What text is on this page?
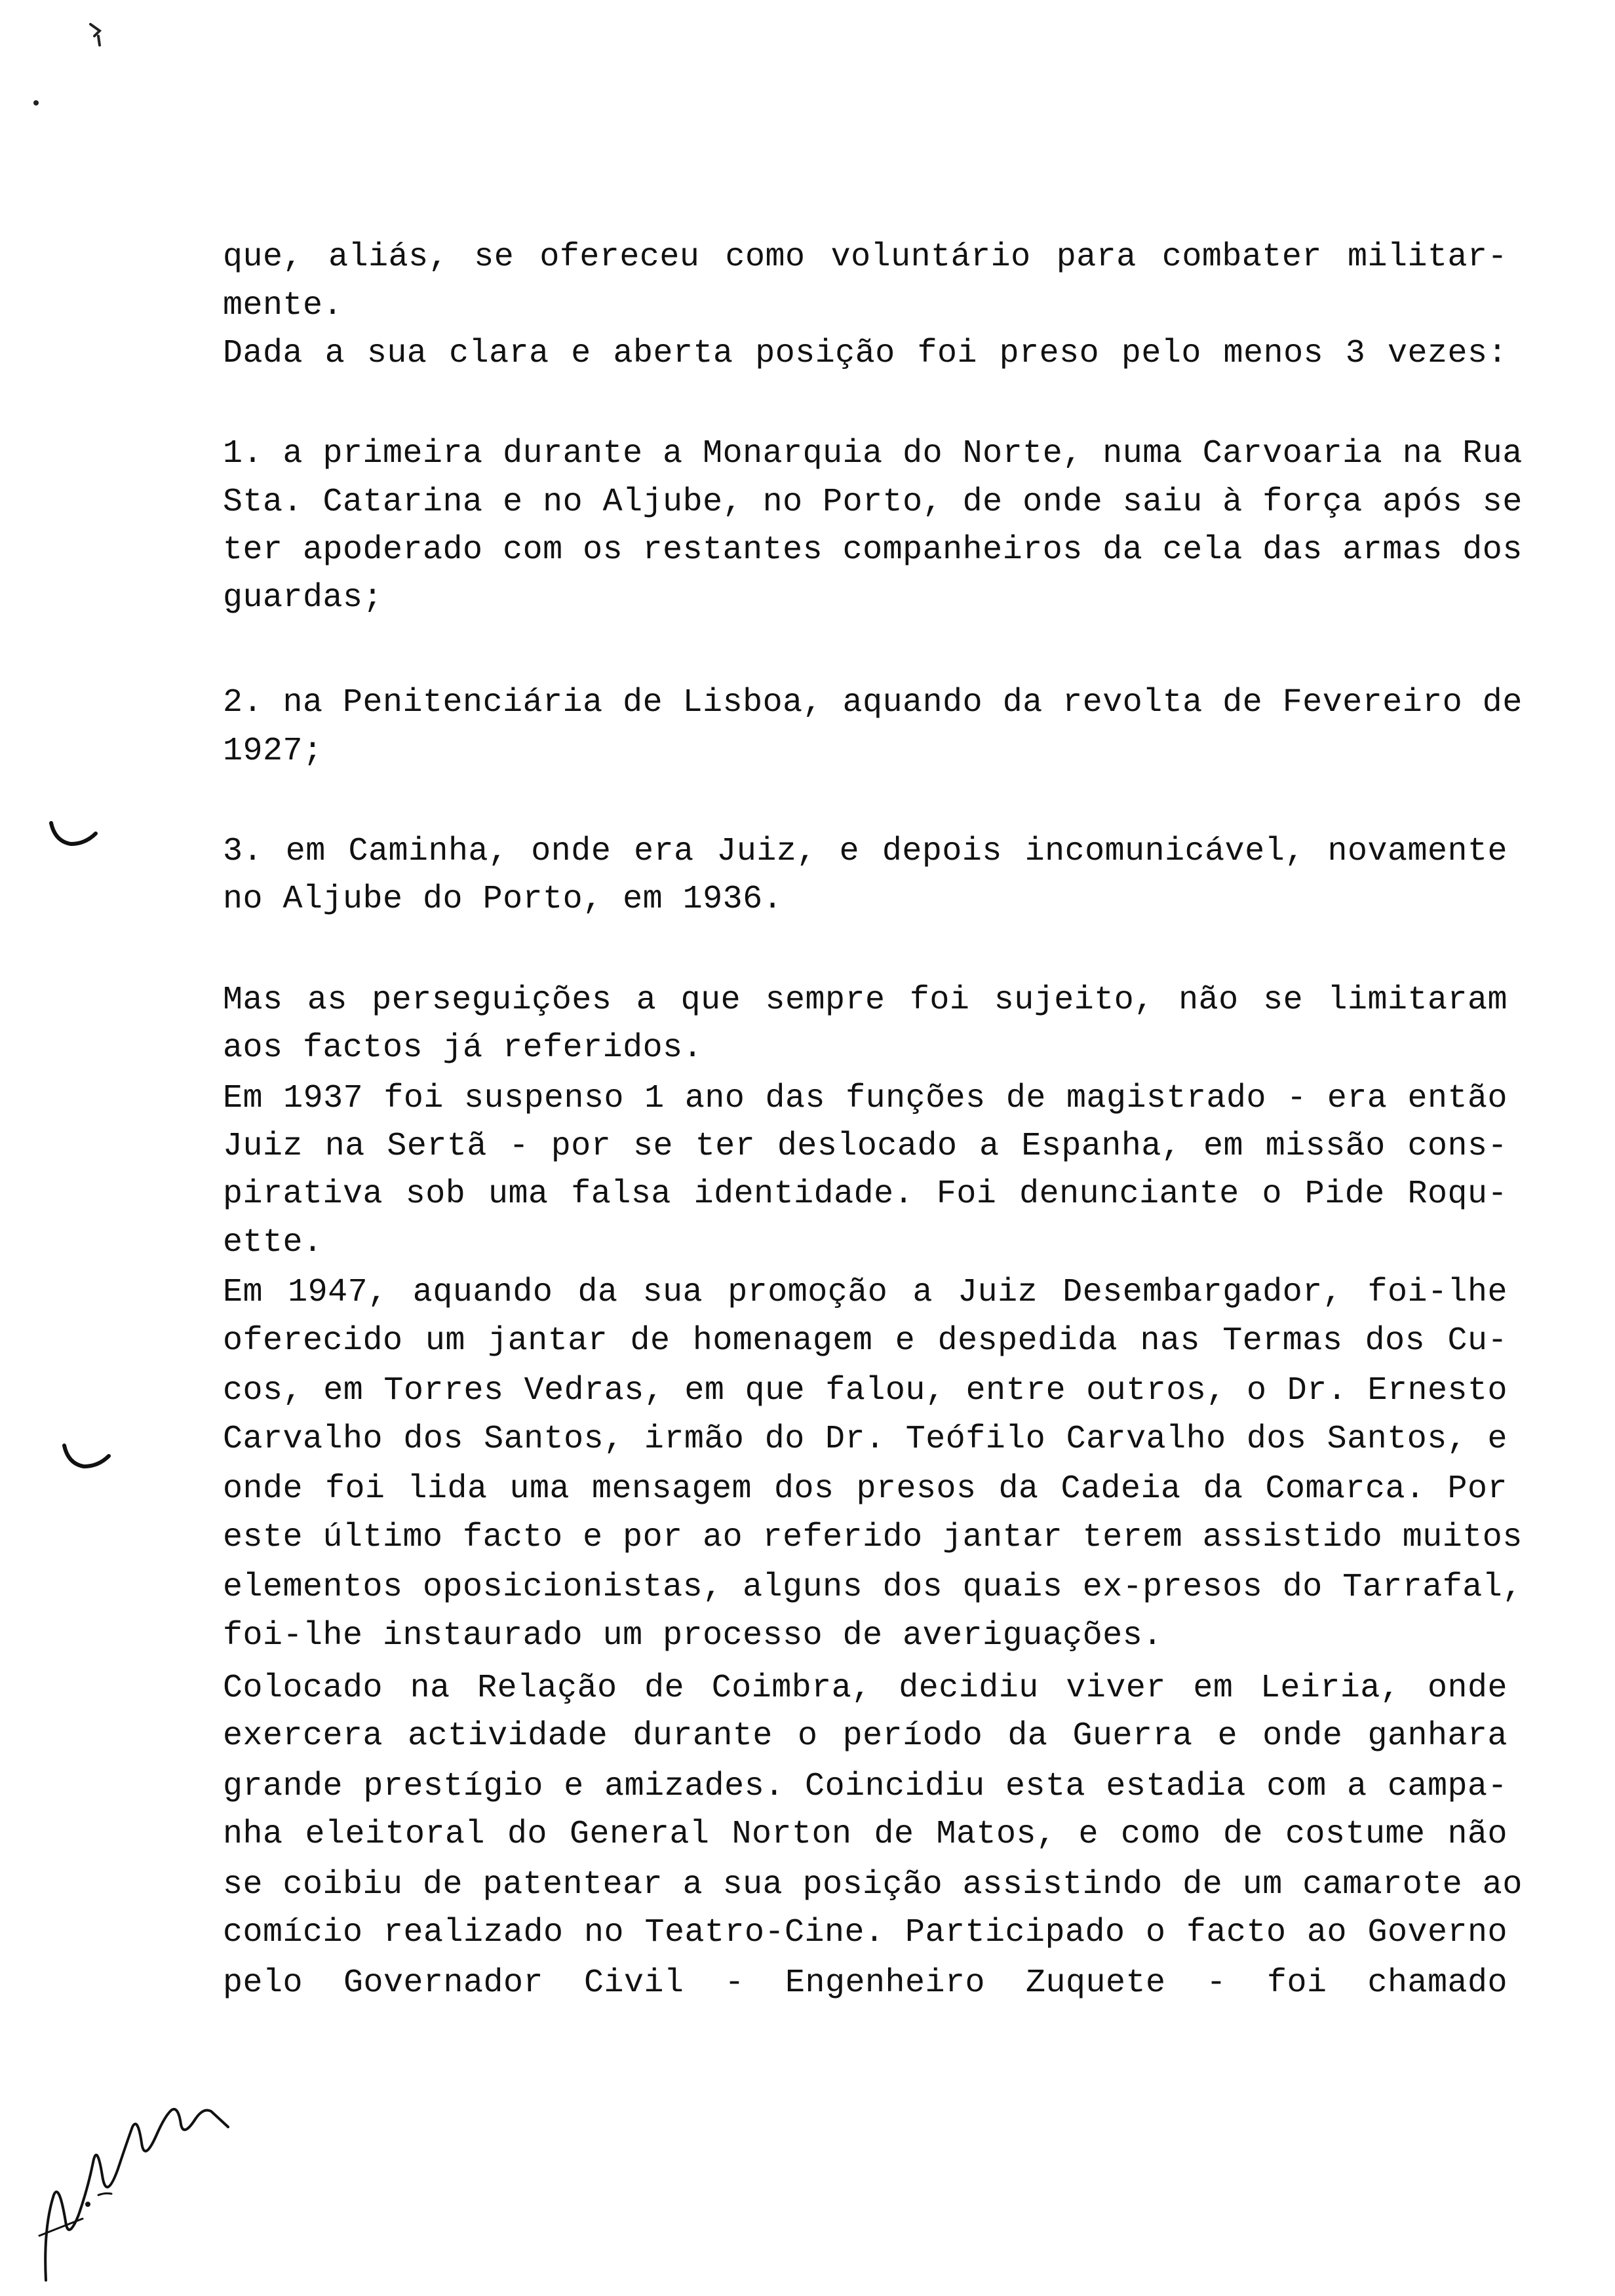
que, aliás, se ofereceu como voluntário para combater militar-
mente.
Dada a sua clara e aberta posição foi preso pelo menos 3 vezes:
1. a primeira durante a Monarquia do Norte, numa Carvoaria na Rua
Sta. Catarina e no Aljube, no Porto, de onde saiu à força após se
ter apoderado com os restantes companheiros da cela das armas dos
guardas;
2. na Penitenciária de Lisboa, aquando da revolta de Fevereiro de
1927;
3. em Caminha, onde era Juiz, e depois incomunicável, novamente
no Aljube do Porto, em 1936.
Mas as perseguições a que sempre foi sujeito, não se limitaram
aos factos já referidos.
Em 1937 foi suspenso 1 ano das funções de magistrado - era então
Juiz na Sertã - por se ter deslocado a Espanha, em missão cons-
pirativa sob uma falsa identidade. Foi denunciante o Pide Roqu-
ette.
Em 1947, aquando da sua promoção a Juiz Desembargador, foi-lhe
oferecido um jantar de homenagem e despedida nas Termas dos Cu-
cos, em Torres Vedras, em que falou, entre outros, o Dr. Ernesto
Carvalho dos Santos, irmão do Dr. Teófilo Carvalho dos Santos, e
onde foi lida uma mensagem dos presos da Cadeia da Comarca. Por
este último facto e por ao referido jantar terem assistido muitos
elementos oposicionistas, alguns dos quais ex-presos do Tarrafal,
foi-lhe instaurado um processo de averiguações.
Colocado na Relação de Coimbra, decidiu viver em Leiria, onde
exercera actividade durante o período da Guerra e onde ganhara
grande prestígio e amizades. Coincidiu esta estadia com a campa-
nha eleitoral do General Norton de Matos, e como de costume não
se coibiu de patentear a sua posição assistindo de um camarote ao
comício realizado no Teatro-Cine. Participado o facto ao Governo
pelo Governador Civil - Engenheiro Zuquete - foi chamado
